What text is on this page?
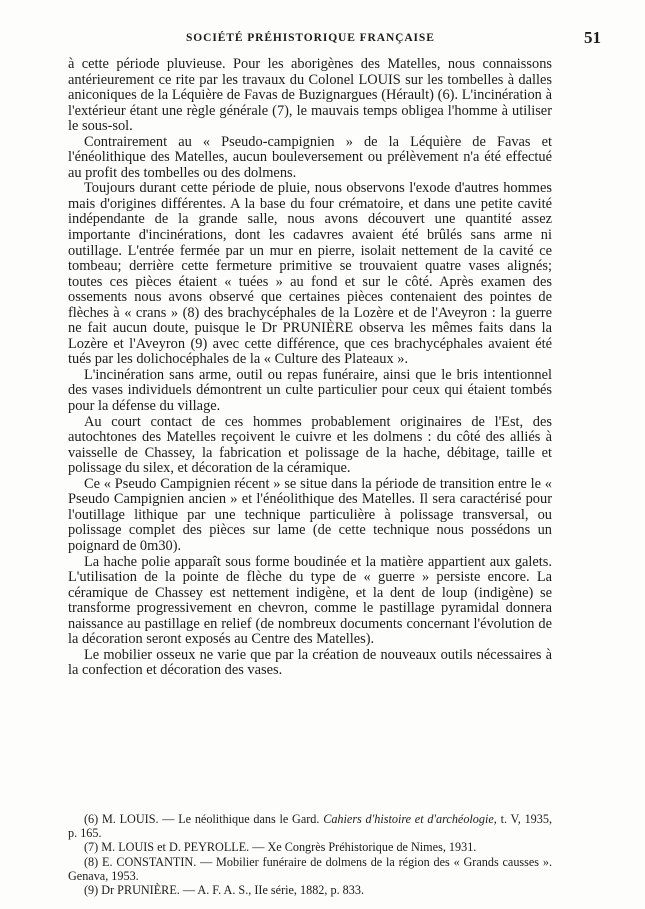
SOCIÉTÉ PRÉHISTORIQUE FRANÇAISE	51

à cette période pluvieuse. Pour les aborigènes des Matelles, nous connaissons antérieurement ce rite par les travaux du Colonel LOUIS sur les tombelles à dalles aniconiques de la Léquière de Favas de Buzignargues (Hérault) (6). L'incinération à l'extérieur étant une règle générale (7), le mauvais temps obligea l'homme à utiliser le sous-sol.

Contrairement au « Pseudo-campignien » de la Léquière de Favas et l'énéolithique des Matelles, aucun bouleversement ou prélèvement n'a été effectué au profit des tombelles ou des dolmens.

Toujours durant cette période de pluie, nous observons l'exode d'autres hommes mais d'origines différentes. A la base du four crématoire, et dans une petite cavité indépendante de la grande salle, nous avons découvert une quantité assez importante d'incinérations, dont les cadavres avaient été brûlés sans arme ni outillage. L'entrée fermée par un mur en pierre, isolait nettement de la cavité ce tombeau; derrière cette fermeture primitive se trouvaient quatre vases alignés; toutes ces pièces étaient « tuées » au fond et sur le côté. Après examen des ossements nous avons observé que certaines pièces contenaient des pointes de flèches à « crans » (8) des brachycéphales de la Lozère et de l'Aveyron : la guerre ne fait aucun doute, puisque le Dr PRUNIÈRE observa les mêmes faits dans la Lozère et l'Aveyron (9) avec cette différence, que ces brachycéphales avaient été tués par les dolichocéphales de la « Culture des Plateaux ».

L'incinération sans arme, outil ou repas funéraire, ainsi que le bris intentionnel des vases individuels démontrent un culte particulier pour ceux qui étaient tombés pour la défense du village.

Au court contact de ces hommes probablement originaires de l'Est, des autochtones des Matelles reçoivent le cuivre et les dolmens : du côté des alliés à vaisselle de Chassey, la fabrication et polissage de la hache, débitage, taille et polissage du silex, et décoration de la céramique.

Ce « Pseudo Campignien récent » se situe dans la période de transition entre le « Pseudo Campignien ancien » et l'énéolithique des Matelles. Il sera caractérisé pour l'outillage lithique par une technique particulière à polissage transversal, ou polissage complet des pièces sur lame (de cette technique nous possédons un poignard de 0m30).

La hache polie apparaît sous forme boudinée et la matière appartient aux galets. L'utilisation de la pointe de flèche du type de « guerre » persiste encore. La céramique de Chassey est nettement indigène, et la dent de loup (indigène) se transforme progressivement en chevron, comme le pastillage pyramidal donnera naissance au pastillage en relief (de nombreux documents concernant l'évolution de la décoration seront exposés au Centre des Matelles).

Le mobilier osseux ne varie que par la création de nouveaux outils nécessaires à la confection et décoration des vases.

(6) M. LOUIS. — Le néolithique dans le Gard. Cahiers d'histoire et d'archéologie, t. V, 1935, p. 165.

(7) M. LOUIS et D. PEYROLLE. — Xe Congrès Préhistorique de Nimes, 1931.

(8) E. CONSTANTIN. — Mobilier funéraire de dolmens de la région des « Grands causses ». Genava, 1953.

(9) Dr PRUNIÈRE. — A. F. A. S., IIe série, 1882, p. 833.
